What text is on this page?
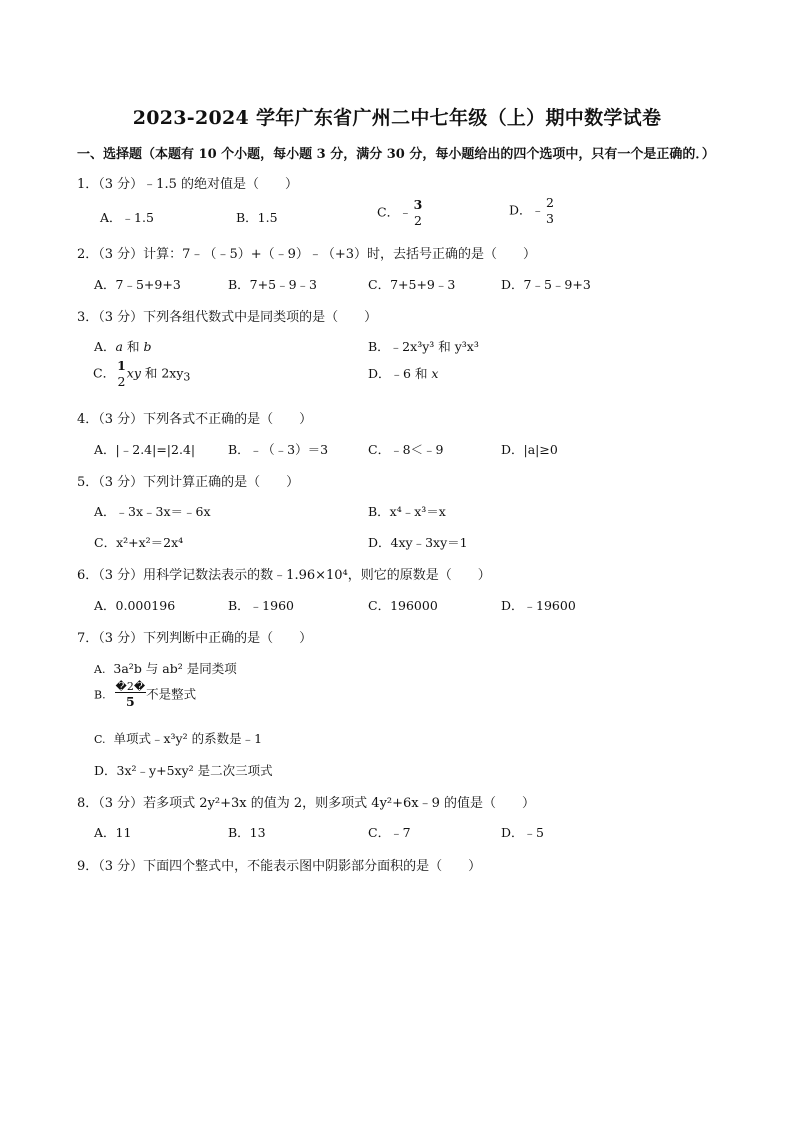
2023-2024 学年广东省广州二中七年级（上）期中数学试卷
一、选择题（本题有 10 个小题，每小题 3 分，满分 30 分，每小题给出的四个选项中，只有一个是正确的．）
1．（3 分）﹣1.5 的绝对值是（　　）
A．﹣1.5	B．1.5	C．﹣ 3
2
D．﹣ 2
3
2．（3 分）计算：7﹣（﹣5）+（﹣9）﹣（+3）时，去括号正确的是（　　）
A．7﹣5+9+3	B．7+5﹣9﹣3	C．7+5+9﹣3	D．7﹣5﹣9+3
3．（3 分）下列各组代数式中是同类项的是（　　）
A．a 和 b	B．﹣2x³y³ 和 y³x³
C． 1
2
xy 和 2xy3	D．﹣6 和 x
4．（3 分）下列各式不正确的是（　　）
A．|﹣2.4|=|2.4|	B．﹣（﹣3）＝3	C．﹣8＜﹣9	D．|a|≥0
5．（3 分）下列计算正确的是（　　）
A．﹣3x﹣3x＝﹣6x	B．x⁴﹣x³＝x
C．x²+x²＝2x⁴	D．4xy﹣3xy＝1
6．（3 分）用科学记数法表示的数﹣1.96×10⁴，则它的原数是（　　）
A．0.000196	B．﹣1960	C．196000	D．﹣19600
7．（3 分）下列判断中正确的是（　　）
A. 3a²b 与 ab² 是同类项
B. $\frac{�2�}{5}$ 不是整式
C. 单项式﹣x³y² 的系数是﹣1
D．3x²﹣y+5xy² 是二次三项式
8．（3 分）若多项式 2y²+3x 的值为 2，则多项式 4y²+6x﹣9 的值是（　　）
A．11	B．13	C．﹣7	D．﹣5
9．（3 分）下面四个整式中，不能表示图中阴影部分面积的是（　　）
